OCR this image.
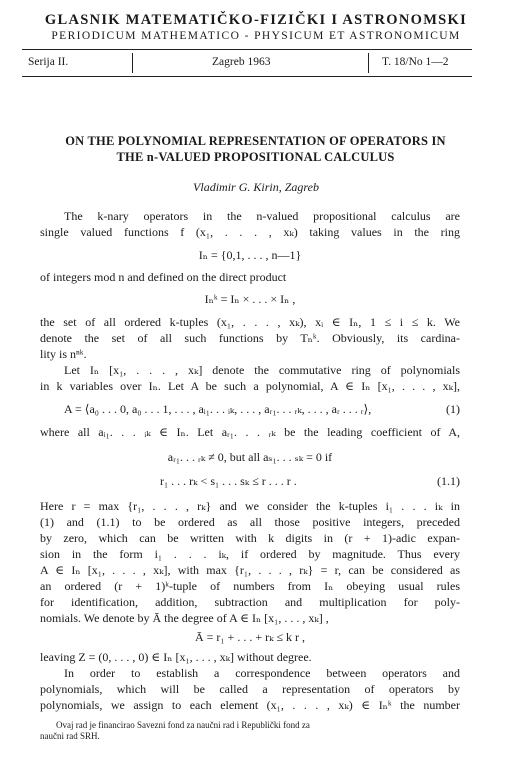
GLASNIK MATEMATIČKO-FIZIČKI I ASTRONOMSKI
PERIODICUM MATHEMATICO - PHYSICUM ET ASTRONOMICUM
Serija II.	Zagreb 1963	T. 18/No 1—2
ON THE POLYNOMIAL REPRESENTATION OF OPERATORS IN
THE n-VALUED PROPOSITIONAL CALCULUS
Vladimir G. Kirin, Zagreb
The k-nary operators in the n-valued propositional calculus are
single valued functions f (x₁, . . . , xₖ) taking values in the ring
Iₙ = {0,1, . . . , n—1}
of integers mod n and defined on the direct product
Iₙᵏ = Iₙ × . . . × Iₙ ,
the set of all ordered k-tuples (x₁, . . . , xₖ), xᵢ ∈ Iₙ, 1 ≤ i ≤ k. We
denote the set of all such functions by Tₙᵏ. Obviously, its cardina-
lity is nⁿᵏ.
Let Iₙ [x₁, . . . , xₖ] denote the commutative ring of polynomials
in k variables over Iₙ. Let A be such a polynomial, A ∈ Iₙ [x₁, . . . , xₖ],
A = ⟨a₀ . . . 0, a₀ . . . 1, . . . , aᵢ₁. . . ᵢₖ, . . . , aᵣ₁. . . ᵣₖ, . . . , aᵣ . . . ᵣ⟩,	(1)
where all aᵢ₁. . . ᵢₖ ∈ Iₙ. Let aᵣ₁. . . ᵣₖ be the leading coefficient of A,
aᵣ₁. . . ᵣₖ ≠ 0, but all aₛ₁. . . ₛₖ = 0 if
r₁ . . . rₖ < s₁ . . . sₖ ≤ r . . . r .	(1.1)
Here r = max {r₁, . . . , rₖ} and we consider the k-tuples i₁ . . . iₖ in
(1) and (1.1) to be ordered as all those positive integers, preceded
by zero, which can be written with k digits in (r + 1)-adic expan-
sion in the form i₁ . . . iₖ, if ordered by magnitude. Thus every
A ∈ Iₙ [x₁, . . . , xₖ], with max {r₁, . . . , rₖ} = r, can be considered as
an ordered (r + 1)ᵏ-tuple of numbers from Iₙ obeying usual rules
for identification, addition, subtraction and multiplication for poly-
nomials. We denote by Ā the degree of A ∈ Iₙ [x₁, . . . , xₖ] ,
Ā = r₁ + . . . + rₖ ≤ k r ,
leaving Z = (0, . . . , 0) ∈ Iₙ [x₁, . . . , xₖ] without degree.
In order to establish a correspondence between operators and
polynomials, which will be called a representation of operators by
polynomials, we assign to each element (x₁, . . . , xₖ) ∈ Iₙᵏ the number
Ovaj rad je financirao Savezni fond za naučni rad i Republički fond za
naučni rad SRH.
